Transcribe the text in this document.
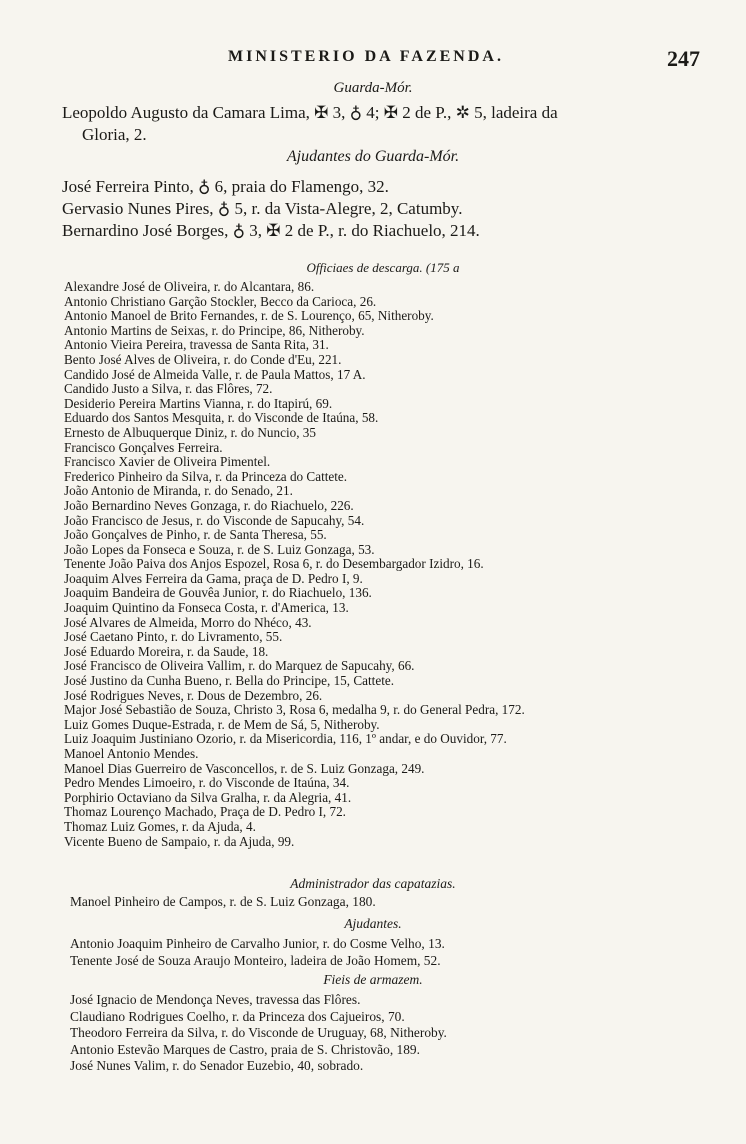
MINISTERIO DA FAZENDA.	247
Guarda-Mór.
Leopoldo Augusto da Camara Lima, ✠ 3, ♁ 4; ✠ 2 de P., ✲ 5, ladeira da
Gloria, 2.
Ajudantes do Guarda-Mór.
José Ferreira Pinto, ♁ 6, praia do Flamengo, 32.
Gervasio Nunes Pires, ♁ 5, r. da Vista-Alegre, 2, Catumby.
Bernardino José Borges, ♁ 3, ✠ 2 de P., r. do Riachuelo, 214.
Officiaes de descarga. (175 a
Alexandre José de Oliveira, r. do Alcantara, 86.
Antonio Christiano Garção Stockler, Becco da Carioca, 26.
Antonio Manoel de Brito Fernandes, r. de S. Lourenço, 65, Nitheroby.
Antonio Martins de Seixas, r. do Principe, 86, Nitheroby.
Antonio Vieira Pereira, travessa de Santa Rita, 31.
Bento José Alves de Oliveira, r. do Conde d'Eu, 221.
Candido José de Almeida Valle, r. de Paula Mattos, 17 A.
Candido Justo a Silva, r. das Flôres, 72.
Desiderio Pereira Martins Vianna, r. do Itapirú, 69.
Eduardo dos Santos Mesquita, r. do Visconde de Itaúna, 58.
Ernesto de Albuquerque Diniz, r. do Nuncio, 35
Francisco Gonçalves Ferreira.
Francisco Xavier de Oliveira Pimentel.
Frederico Pinheiro da Silva, r. da Princeza do Cattete.
João Antonio de Miranda, r. do Senado, 21.
João Bernardino Neves Gonzaga, r. do Riachuelo, 226.
João Francisco de Jesus, r. do Visconde de Sapucahy, 54.
João Gonçalves de Pinho, r. de Santa Theresa, 55.
João Lopes da Fonseca e Souza, r. de S. Luiz Gonzaga, 53.
Tenente João Paiva dos Anjos Espozel, Rosa 6, r. do Desembargador Izidro, 16.
Joaquim Alves Ferreira da Gama, praça de D. Pedro I, 9.
Joaquim Bandeira de Gouvêa Junior, r. do Riachuelo, 136.
Joaquim Quintino da Fonseca Costa, r. d'America, 13.
José Alvares de Almeida, Morro do Nhéco, 43.
José Caetano Pinto, r. do Livramento, 55.
José Eduardo Moreira, r. da Saude, 18.
José Francisco de Oliveira Vallim, r. do Marquez de Sapucahy, 66.
José Justino da Cunha Bueno, r. Bella do Principe, 15, Cattete.
José Rodrigues Neves, r. Dous de Dezembro, 26.
Major José Sebastião de Souza, Christo 3, Rosa 6, medalha 9, r. do General Pedra, 172.
Luiz Gomes Duque-Estrada, r. de Mem de Sá, 5, Nitheroby.
Luiz Joaquim Justiniano Ozorio, r. da Misericordia, 116, 1º andar, e do Ouvidor, 77.
Manoel Antonio Mendes.
Manoel Dias Guerreiro de Vasconcellos, r. de S. Luiz Gonzaga, 249.
Pedro Mendes Limoeiro, r. do Visconde de Itaúna, 34.
Porphirio Octaviano da Silva Gralha, r. da Alegria, 41.
Thomaz Lourenço Machado, Praça de D. Pedro I, 72.
Thomaz Luiz Gomes, r. da Ajuda, 4.
Vicente Bueno de Sampaio, r. da Ajuda, 99.
Administrador das capatazias.
Manoel Pinheiro de Campos, r. de S. Luiz Gonzaga, 180.
Ajudantes.
Antonio Joaquim Pinheiro de Carvalho Junior, r. do Cosme Velho, 13.
Tenente José de Souza Araujo Monteiro, ladeira de João Homem, 52.
Fieis de armazem.
José Ignacio de Mendonça Neves, travessa das Flôres.
Claudiano Rodrigues Coelho, r. da Princeza dos Cajueiros, 70.
Theodoro Ferreira da Silva, r. do Visconde de Uruguay, 68, Nitheroby.
Antonio Estevão Marques de Castro, praia de S. Christovão, 189.
José Nunes Valim, r. do Senador Euzebio, 40, sobrado.
